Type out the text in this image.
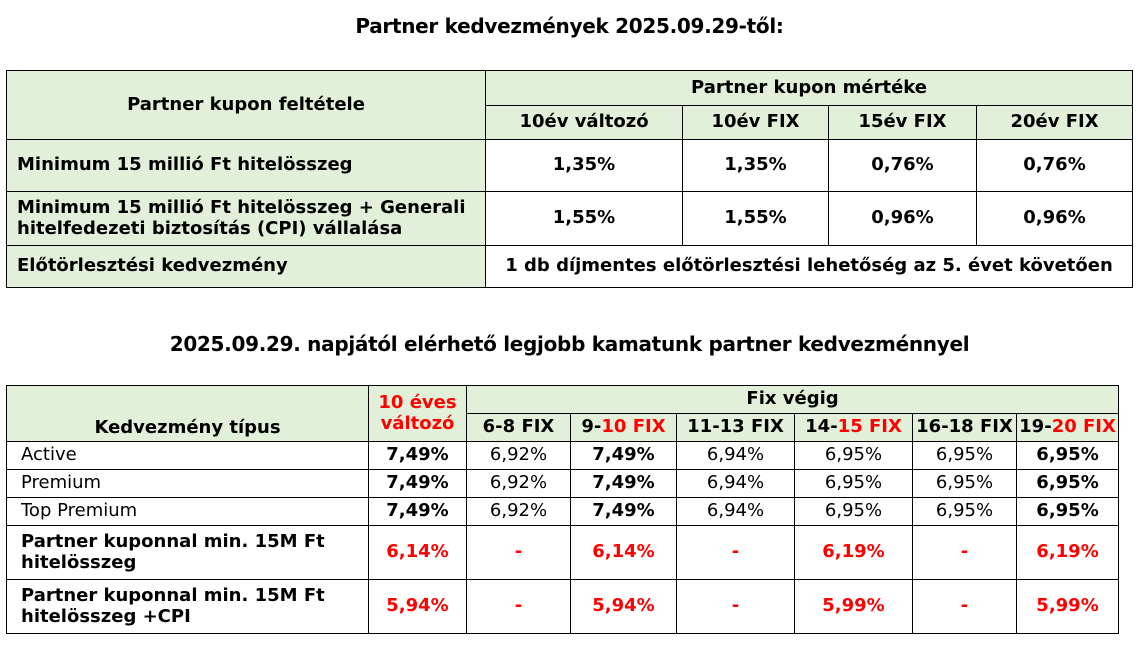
Partner kedvezmények 2025.09.29-től:
Partner kupon feltétele	Partner kupon mértéke			
	10év változó	10év FIX	15év FIX	20év FIX
Minimum 15 millió Ft hitelösszeg	1,35%	1,35%	0,76%	0,76%
Minimum 15 millió Ft hitelösszeg + Generali hitelfedezeti biztosítás (CPI) vállalása	1,55%	1,55%	0,96%	0,96%
Előtörlesztési kedvezmény	1 db díjmentes előtörlesztési lehetőség az 5. évet követően			
2025.09.29. napjától elérhető legjobb kamatunk partner kedvezménnyel
Kedvezmény típus	10 éves változó	Fix végig					
		6-8 FIX	9-10 FIX	11-13 FIX	14-15 FIX	16-18 FIX	19-20 FIX
Active	7,49%	6,92%	7,49%	6,94%	6,95%	6,95%	6,95%
Premium	7,49%	6,92%	7,49%	6,94%	6,95%	6,95%	6,95%
Top Premium	7,49%	6,92%	7,49%	6,94%	6,95%	6,95%	6,95%
Partner kuponnal min. 15M Ft hitelösszeg	6,14%	-	6,14%	-	6,19%	-	6,19%
Partner kuponnal min. 15M Ft hitelösszeg +CPI	5,94%	-	5,94%	-	5,99%	-	5,99%
